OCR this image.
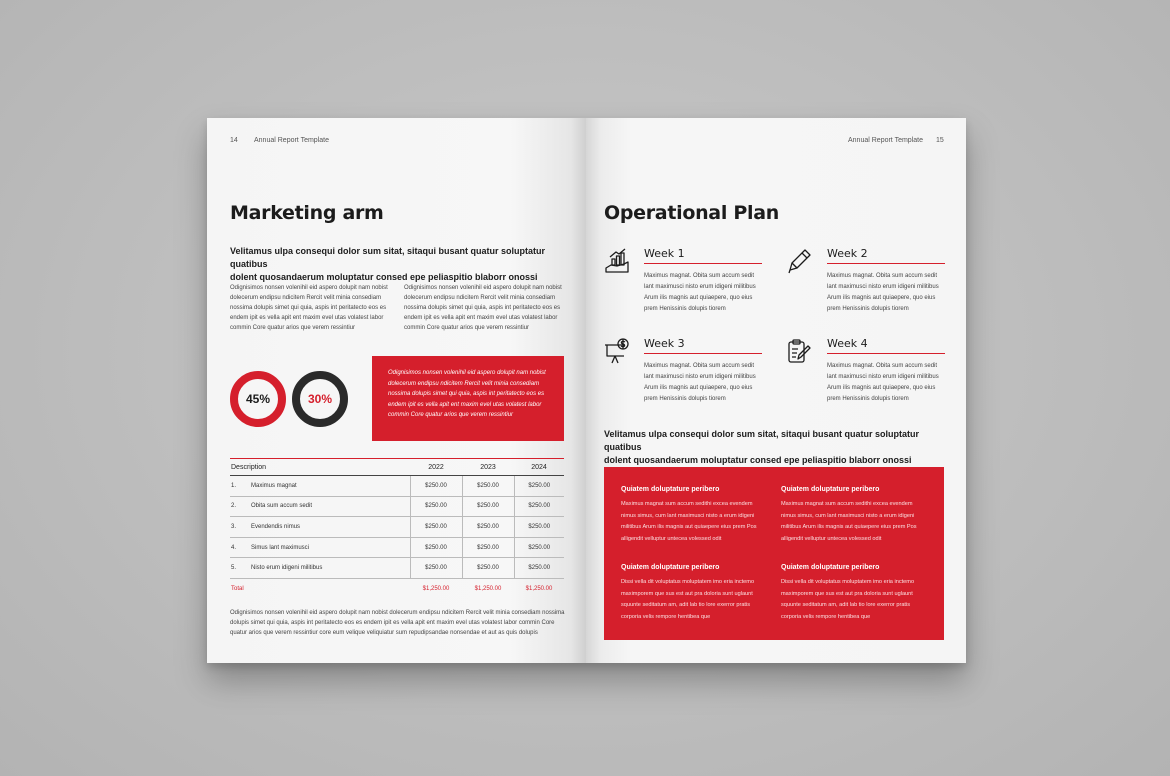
14 Annual Report Template
Marketing arm
Velitamus ulpa consequi dolor sum sitat, sitaqui busant quatur soluptatur quatibus
dolent quosandaerum moluptatur consed epe peliaspitio blaborr onossi
Odignisimos nonsen volenihil eid aspero dolupit nam nobist
dolecerum endipsu ndicitem Rercit velit minia consediam
nossima dolupis simet qui quia, aspis int peritatecto eos es
endem ipit es vella apit ent maxim evel utas volatest labor
commin Core quatur arios que verem ressintiur
Odignisimos nonsen volenihil eid aspero dolupit nam nobist
dolecerum endipsu ndicitem Rercit velit minia consediam
nossima dolupis simet qui quia, aspis int peritatecto eos es
endem ipit es vella apit ent maxim evel utas volatest labor
commin Core quatur arios que verem ressintiur
45%	30%
Odignisimos nonsen volenihil eid aspero dolupit nam nobist
dolecerum endipsu ndicitem Rercit velit minia consediam
nossima dolupis simet qui quia, aspis int peritatecto eos es
endem ipit es vella apit ent maxim evel utas volatest labor
commin Core quatur arios que verem ressintiur
Description		2022	2023	2024
1.	Maximus magnat	$250.00	$250.00	$250.00
2.	Obita sum accum sedit	$250.00	$250.00	$250.00
3.	Evendendis nimus	$250.00	$250.00	$250.00
4.	Simus lant maximusci	$250.00	$250.00	$250.00
5.	Nisto erum idigeni militibus	$250.00	$250.00	$250.00
Total		$1,250.00	$1,250.00	$1,250.00
Odignisimos nonsen volenihil eid aspero dolupit nam nobist dolecerum endipsu ndicitem Rercit velit minia consediam nossima
dolupis simet qui quia, aspis int peritatecto eos es endem ipit es vella apit ent maxim evel utas volatest labor commin Core
quatur arios que verem ressintiur core eum velique veliquiatur sum repudipsandae nonsendae et aut as quis dolupis
Annual Report Template 15
Operational Plan
Week 1
Maximus magnat. Obita sum accum sedit
lant maximusci nisto erum idigeni militibus
Arum ilis magnis aut quiaepere, quo eius
prem Henissinis dolupis tiorem
Week 2
Maximus magnat. Obita sum accum sedit
lant maximusci nisto erum idigeni militibus
Arum ilis magnis aut quiaepere, quo eius
prem Henissinis dolupis tiorem
Week 3
Maximus magnat. Obita sum accum sedit
lant maximusci nisto erum idigeni militibus
Arum ilis magnis aut quiaepere, quo eius
prem Henissinis dolupis tiorem
Week 4
Maximus magnat. Obita sum accum sedit
lant maximusci nisto erum idigeni militibus
Arum ilis magnis aut quiaepere, quo eius
prem Henissinis dolupis tiorem
Velitamus ulpa consequi dolor sum sitat, sitaqui busant quatur soluptatur quatibus
dolent quosandaerum moluptatur consed epe peliaspitio blaborr onossi
Quiatem doluptature peribero
Maximus magnat sum accum sedithi excea evendem
nimus simus, cum lant maximusci nisto a erum idigeni
militibus Arum ilis magnis aut quiaepere eius prem Pos
alligendit velluptur untecea volessed odit
Quiatem doluptature peribero
Maximus magnat sum accum sedithi excea evendem
nimus simus, cum lant maximusci nisto a erum idigeni
militibus Arum ilis magnis aut quiaepere eius prem Pos
alligendit velluptur untecea volessed odit
Quiatem doluptature peribero
Dissi vella dit voluptatus moluptatem imo eria inctemo
maximporem que sus est aut pra doloria sunt uglaunt
squunte seditatum am, adit lab tio lore exerror pratis
corporia velis rempore hentibea que
Quiatem doluptature peribero
Dissi vella dit voluptatus moluptatem imo eria inctemo
maximporem que sus est aut pra doloria sunt uglaunt
squunte seditatum am, adit lab tio lore exerror pratis
corporia velis rempore hentibea que
